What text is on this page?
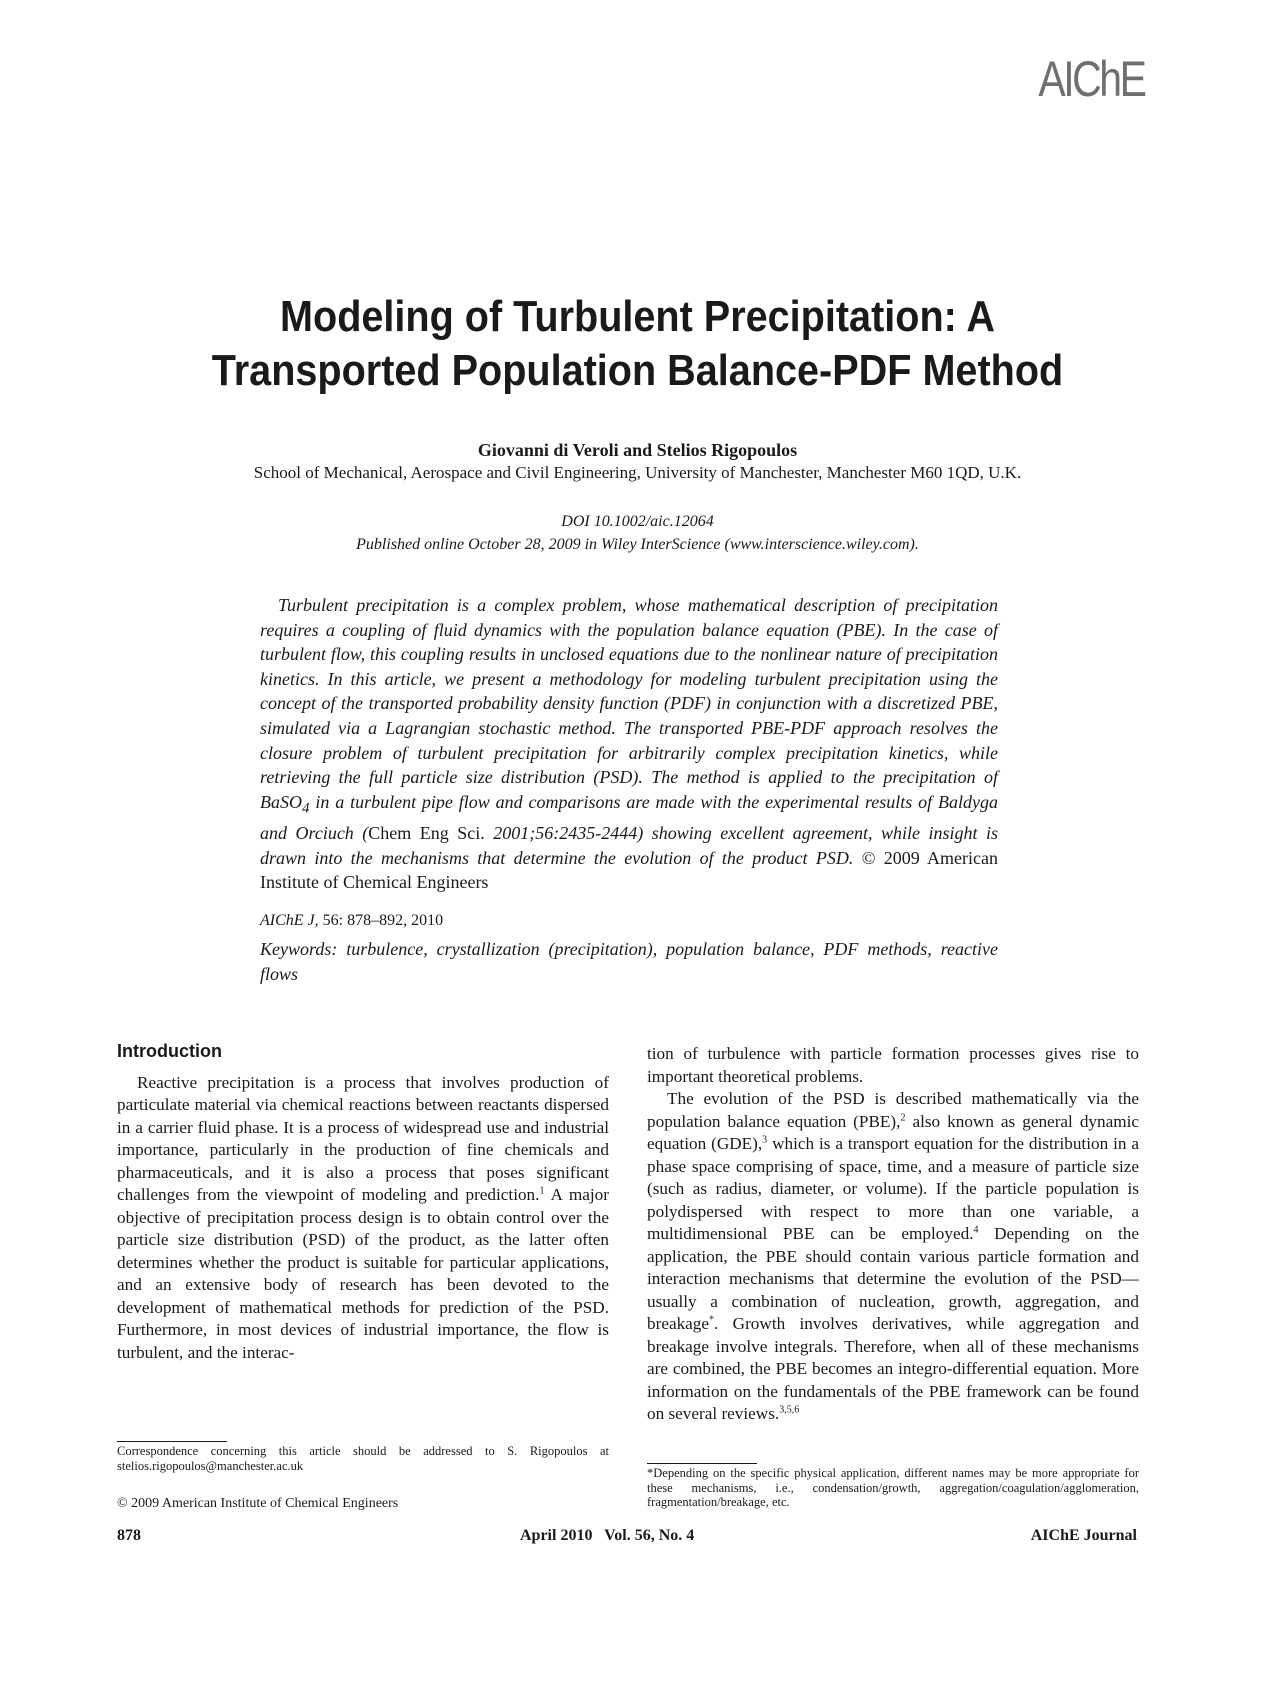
AIChE
Modeling of Turbulent Precipitation: A
Transported Population Balance-PDF Method
Giovanni di Veroli and Stelios Rigopoulos
School of Mechanical, Aerospace and Civil Engineering, University of Manchester, Manchester M60 1QD, U.K.
DOI 10.1002/aic.12064
Published online October 28, 2009 in Wiley InterScience (www.interscience.wiley.com).

Turbulent precipitation is a complex problem, whose mathematical description of precipitation requires a coupling of fluid dynamics with the population balance equation (PBE). In the case of turbulent flow, this coupling results in unclosed equations due to the nonlinear nature of precipitation kinetics. In this article, we present a methodology for modeling turbulent precipitation using the concept of the transported probability density function (PDF) in conjunction with a discretized PBE, simulated via a Lagrangian stochastic method. The transported PBE-PDF approach resolves the closure problem of turbulent precipitation for arbitrarily complex precipitation kinetics, while retrieving the full particle size distribution (PSD). The method is applied to the precipitation of BaSO$_4$ in a turbulent pipe flow and comparisons are made with the experimental results of Baldyga and Orciuch (Chem Eng Sci. 2001;56:2435-2444) showing excellent agreement, while insight is drawn into the mechanisms that determine the evolution of the product PSD. © 2009 American Institute of Chemical Engineers

AIChE J, 56: 878–892, 2010

Keywords: turbulence, crystallization (precipitation), population balance, PDF methods, reactive flows

Introduction

Reactive precipitation is a process that involves production of particulate material via chemical reactions between reactants dispersed in a carrier fluid phase. It is a process of widespread use and industrial importance, particularly in the production of fine chemicals and pharmaceuticals, and it is also a process that poses significant challenges from the viewpoint of modeling and prediction.$^1$ A major objective of precipitation process design is to obtain control over the particle size distribution (PSD) of the product, as the latter often determines whether the product is suitable for particular applications, and an extensive body of research has been devoted to the development of mathematical methods for prediction of the PSD. Furthermore, in most devices of industrial importance, the flow is turbulent, and the interac-

tion of turbulence with particle formation processes gives rise to important theoretical problems.

The evolution of the PSD is described mathematically via the population balance equation (PBE),$^2$ also known as general dynamic equation (GDE),$^3$ which is a transport equation for the distribution in a phase space comprising of space, time, and a measure of particle size (such as radius, diameter, or volume). If the particle population is polydispersed with respect to more than one variable, a multidimensional PBE can be employed.$^4$ Depending on the application, the PBE should contain various particle formation and interaction mechanisms that determine the evolution of the PSD—usually a combination of nucleation, growth, aggregation, and breakage*. Growth involves derivatives, while aggregation and breakage involve integrals. Therefore, when all of these mechanisms are combined, the PBE becomes an integro-differential equation. More information on the fundamentals of the PBE framework can be found on several reviews.$^{3,5,6}$

Correspondence concerning this article should be addressed to S. Rigopoulos at stelios.rigopoulos@manchester.ac.uk
*Depending on the specific physical application, different names may be more appropriate for these mechanisms, i.e., condensation/growth, aggregation/coagulation/agglomeration, fragmentation/breakage, etc.
© 2009 American Institute of Chemical Engineers
878	April 2010   Vol. 56, No. 4	AIChE Journal
